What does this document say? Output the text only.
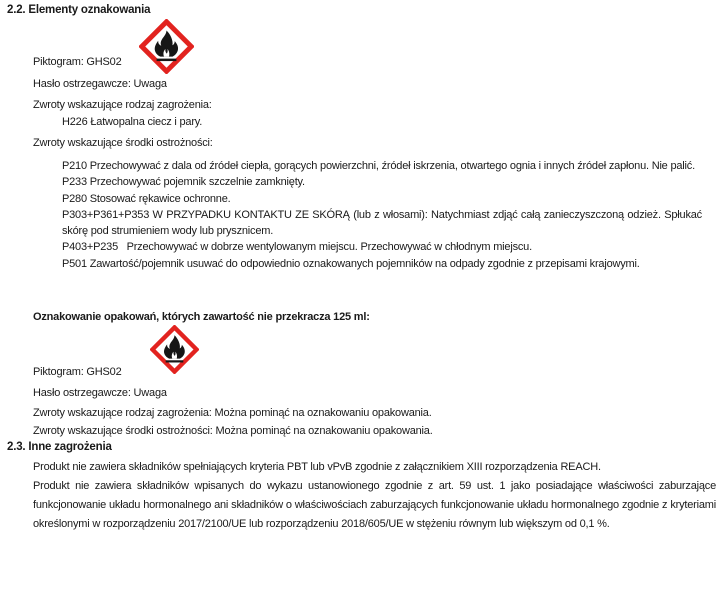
2.2. Elementy oznakowania
Piktogram: GHS02
Hasło ostrzegawcze: Uwaga
Zwroty wskazujące rodzaj zagrożenia:
H226 Łatwopalna ciecz i pary.
Zwroty wskazujące środki ostrożności:
P210 Przechowywać z dala od źródeł ciepła, gorących powierzchni, źródeł iskrzenia, otwartego ognia i innych źródeł zapłonu. Nie palić.
P233 Przechowywać pojemnik szczelnie zamknięty.
P280 Stosować rękawice ochronne.
P303+P361+P353 W PRZYPADKU KONTAKTU ZE SKÓRĄ (lub z włosami): Natychmiast zdjąć całą zanieczyszczoną odzież. Spłukać skórę pod strumieniem wody lub prysznicem.
P403+P235   Przechowywać w dobrze wentylowanym miejscu. Przechowywać w chłodnym miejscu.
P501 Zawartość/pojemnik usuwać do odpowiednio oznakowanych pojemników na odpady zgodnie z przepisami krajowymi.
Oznakowanie opakowań, których zawartość nie przekracza 125 ml:
Piktogram: GHS02
Hasło ostrzegawcze: Uwaga
Zwroty wskazujące rodzaj zagrożenia: Można pominąć na oznakowaniu opakowania.
Zwroty wskazujące środki ostrożności: Można pominąć na oznakowaniu opakowania.
2.3. Inne zagrożenia

Produkt nie zawiera składników spełniających kryteria PBT lub vPvB zgodnie z załącznikiem XIII rozporządzenia REACH.

Produkt nie zawiera składników wpisanych do wykazu ustanowionego zgodnie z art. 59 ust. 1 jako posiadające właściwości zaburzające funkcjonowanie układu hormonalnego ani składników o właściwościach zaburzających funkcjonowanie układu hormonalnego zgodnie z kryteriami określonymi w rozporządzeniu 2017/2100/UE lub rozporządzeniu 2018/605/UE w stężeniu równym lub większym od 0,1 %.
